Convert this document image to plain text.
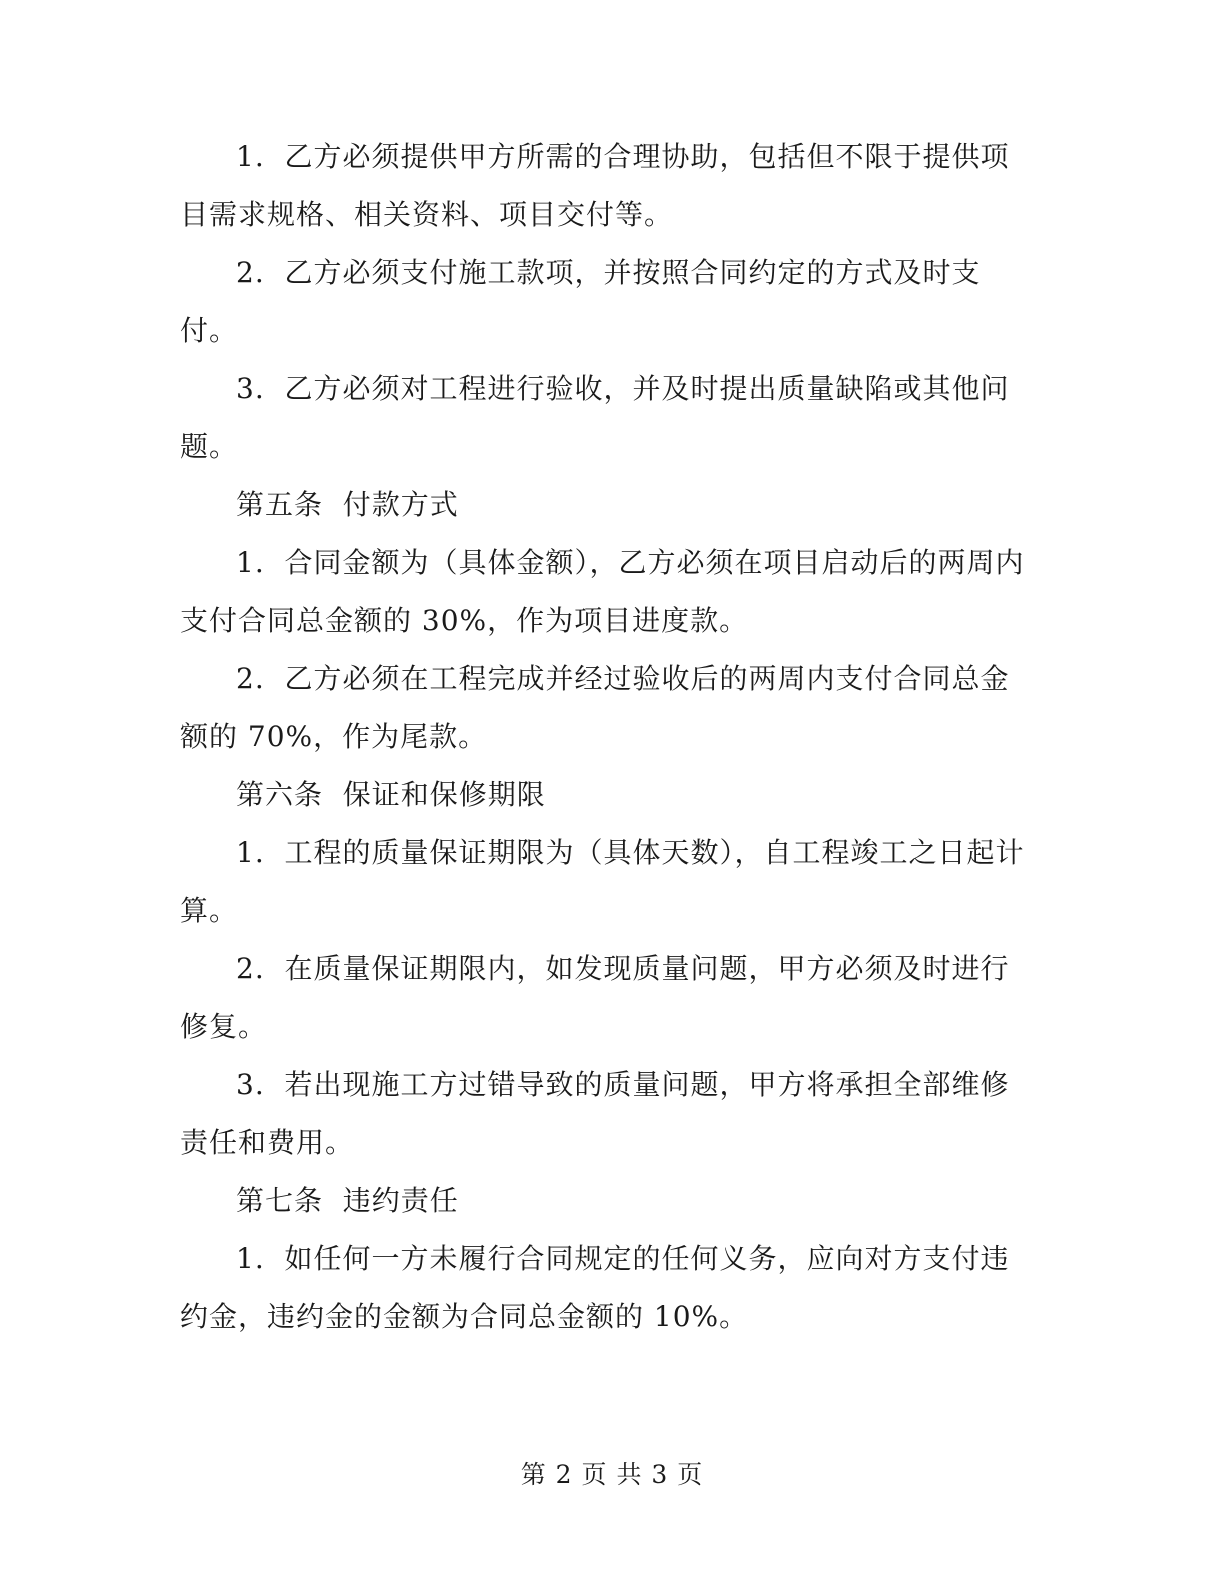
1.  乙方必须提供甲方所需的合理协助，包括但不限于提供项目需求规格、相关资料、项目交付等。

2.  乙方必须支付施工款项，并按照合同约定的方式及时支付。

3.  乙方必须对工程进行验收，并及时提出质量缺陷或其他问题。

第五条  付款方式

1.  合同金额为（具体金额），乙方必须在项目启动后的两周内支付合同总金额的 30%，作为项目进度款。

2.  乙方必须在工程完成并经过验收后的两周内支付合同总金额的 70%，作为尾款。

第六条  保证和保修期限

1.  工程的质量保证期限为（具体天数），自工程竣工之日起计算。

2.  在质量保证期限内，如发现质量问题，甲方必须及时进行修复。

3.  若出现施工方过错导致的质量问题，甲方将承担全部维修责任和费用。

第七条  违约责任

1.  如任何一方未履行合同规定的任何义务，应向对方支付违约金，违约金的金额为合同总金额的 10%。

第 2 页 共 3 页
